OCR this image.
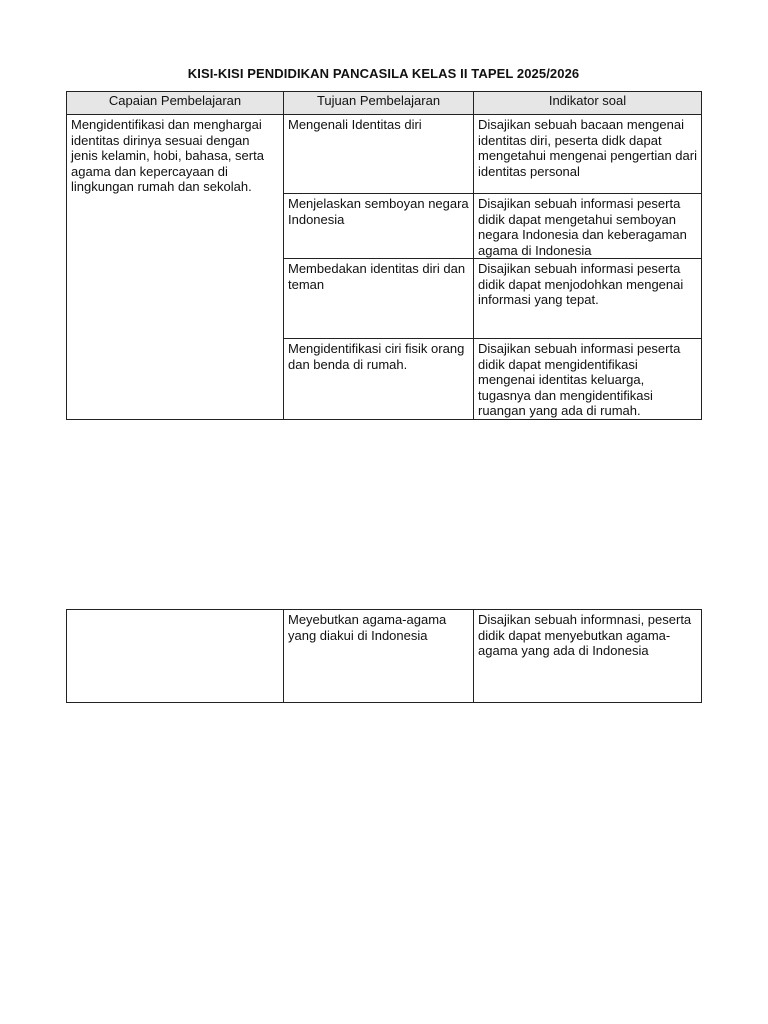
KISI-KISI PENDIDIKAN PANCASILA KELAS II TAPEL 2025/2026
Capaian Pembelajaran	Tujuan Pembelajaran	Indikator soal
Mengidentifikasi dan menghargai identitas dirinya sesuai dengan jenis kelamin, hobi, bahasa, serta agama dan kepercayaan di lingkungan rumah dan sekolah.	Mengenali Identitas diri	Disajikan sebuah bacaan mengenai identitas diri, peserta didk dapat mengetahui mengenai pengertian dari identitas personal
	Menjelaskan semboyan negara Indonesia	Disajikan sebuah informasi peserta didik dapat mengetahui semboyan negara Indonesia dan keberagaman agama di Indonesia
	Membedakan identitas diri dan teman	Disajikan sebuah informasi peserta didik dapat menjodohkan mengenai informasi yang tepat.
	Mengidentifikasi ciri fisik orang dan benda di rumah.	Disajikan sebuah informasi peserta didik dapat mengidentifikasi mengenai identitas keluarga, tugasnya dan mengidentifikasi ruangan yang ada di rumah.
	Meyebutkan agama-agama yang diakui di Indonesia	Disajikan sebuah informnasi, peserta didik dapat menyebutkan agama-agama yang ada di Indonesia
